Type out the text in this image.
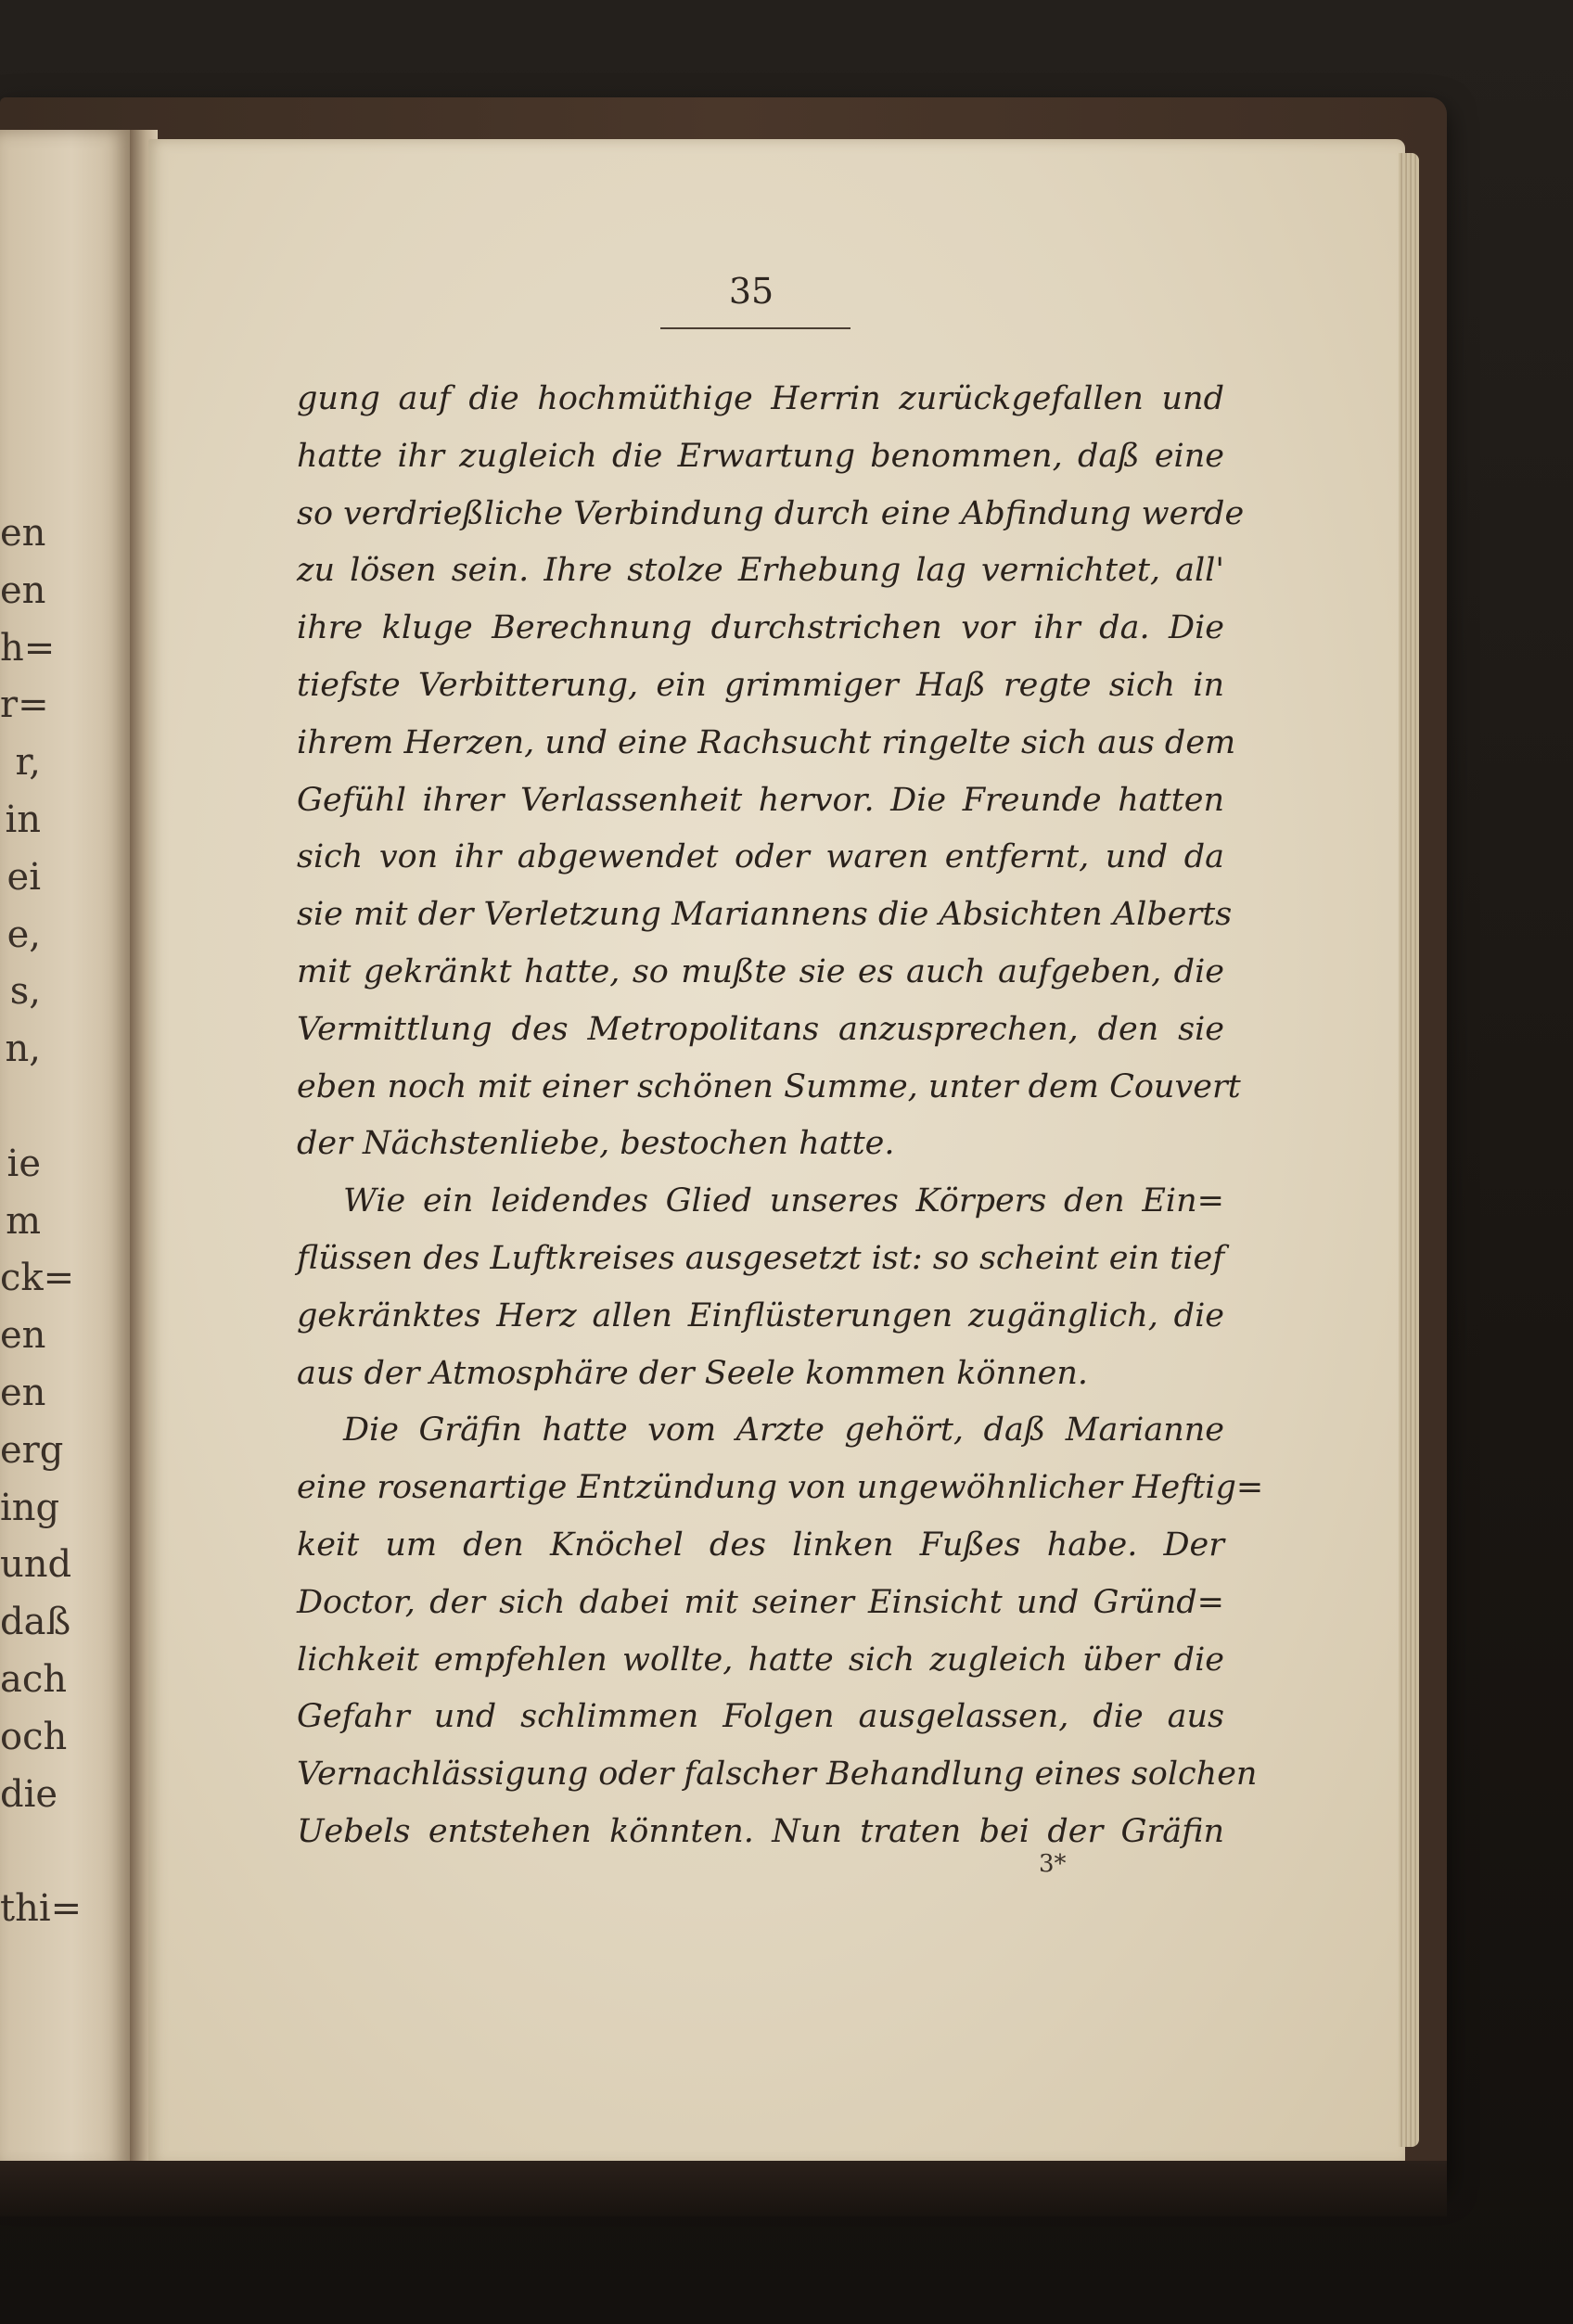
en
en
h=
r=
r,
in
ei
e,
s,
n,
ie
m
ck=
en
en
erg
ing
und
daß
ach
och
die
thi=
35
gung auf die hochmüthige Herrin zurückgefallen und
hatte ihr zugleich die Erwartung benommen, daß eine
so verdrießliche Verbindung durch eine Abfindung werde
zu lösen sein. Ihre stolze Erhebung lag vernichtet, all'
ihre kluge Berechnung durchstrichen vor ihr da. Die
tiefste Verbitterung, ein grimmiger Haß regte sich in
ihrem Herzen, und eine Rachsucht ringelte sich aus dem
Gefühl ihrer Verlassenheit hervor. Die Freunde hatten
sich von ihr abgewendet oder waren entfernt, und da
sie mit der Verletzung Mariannens die Absichten Alberts
mit gekränkt hatte, so mußte sie es auch aufgeben, die
Vermittlung des Metropolitans anzusprechen, den sie
eben noch mit einer schönen Summe, unter dem Couvert
der Nächstenliebe, bestochen hatte.
Wie ein leidendes Glied unseres Körpers den Ein=
flüssen des Luftkreises ausgesetzt ist: so scheint ein tief
gekränktes Herz allen Einflüsterungen zugänglich, die
aus der Atmosphäre der Seele kommen können.
Die Gräfin hatte vom Arzte gehört, daß Marianne
eine rosenartige Entzündung von ungewöhnlicher Heftig=
keit um den Knöchel des linken Fußes habe. Der
Doctor, der sich dabei mit seiner Einsicht und Gründ=
lichkeit empfehlen wollte, hatte sich zugleich über die
Gefahr und schlimmen Folgen ausgelassen, die aus
Vernachlässigung oder falscher Behandlung eines solchen
Uebels entstehen könnten. Nun traten bei der Gräfin
3*
